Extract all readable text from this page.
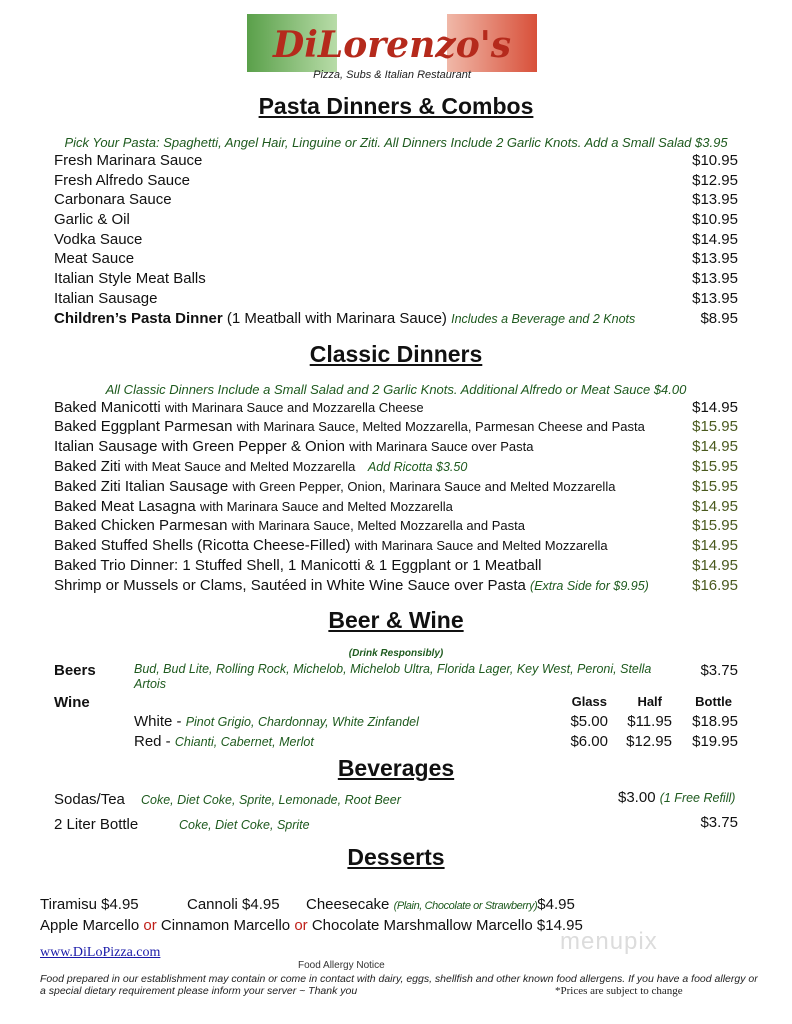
DiLorenzo's
Pizza, Subs & Italian Restaurant
Pasta Dinners & Combos
Pick Your Pasta: Spaghetti, Angel Hair, Linguine or Ziti. All Dinners Include 2 Garlic Knots. Add a Small Salad $3.95
Fresh Marinara Sauce	$10.95
Fresh Alfredo Sauce	$12.95
Carbonara Sauce	$13.95
Garlic & Oil	$10.95
Vodka Sauce	$14.95
Meat Sauce	$13.95
Italian Style Meat Balls	$13.95
Italian Sausage	$13.95
Children’s Pasta Dinner (1 Meatball with Marinara Sauce) Includes a Beverage and 2 Knots	$8.95
Classic Dinners
All Classic Dinners Include a Small Salad and 2 Garlic Knots. Additional Alfredo or Meat Sauce $4.00
Baked Manicotti with Marinara Sauce and Mozzarella Cheese	$14.95
Baked Eggplant Parmesan with Marinara Sauce, Melted Mozzarella, Parmesan Cheese and Pasta	$15.95
Italian Sausage with Green Pepper & Onion with Marinara Sauce over Pasta	$14.95
Baked Ziti with Meat Sauce and Melted Mozzarella Add Ricotta $3.50	$15.95
Baked Ziti Italian Sausage with Green Pepper, Onion, Marinara Sauce and Melted Mozzarella	$15.95
Baked Meat Lasagna with Marinara Sauce and Melted Mozzarella	$14.95
Baked Chicken Parmesan with Marinara Sauce, Melted Mozzarella and Pasta	$15.95
Baked Stuffed Shells (Ricotta Cheese-Filled) with Marinara Sauce and Melted Mozzarella	$14.95
Baked Trio Dinner: 1 Stuffed Shell, 1 Manicotti & 1 Eggplant or 1 Meatball	$14.95
Shrimp or Mussels or Clams, Sautéed in White Wine Sauce over Pasta (Extra Side for $9.95)	$16.95
Beer & Wine
(Drink Responsibly)
Beers	Bud, Bud Lite, Rolling Rock, Michelob, Michelob Ultra, Florida Lager, Key West, Peroni, Stella
Artois
$3.75
Wine	Glass Half	Bottle
White - Pinot Grigio, Chardonnay, White Zinfandel	$5.00 $11.95 $18.95
Red - Chianti, Cabernet, Merlot	$6.00 $12.95 $19.95
Beverages
Sodas/Tea Coke, Diet Coke, Sprite, Lemonade, Root Beer	$3.00 (1 Free Refill)
2 Liter Bottle	Coke, Diet Coke, Sprite	$3.75
Desserts
Tiramisu $4.95	Cannoli $4.95 Cheesecake (Plain, Chocolate or Strawberry)$4.95
Apple Marcello or Cinnamon Marcello or Chocolate Marshmallow Marcello $14.95
www.DiLoPizza.com
Food Allergy Notice
Food prepared in our establishment may contain or come in contact with dairy, eggs, shellfish and other known food allergens. If you have a food allergy or
a special dietary requirement please inform your server ~ Thank you	*Prices are subject to change
menupix
